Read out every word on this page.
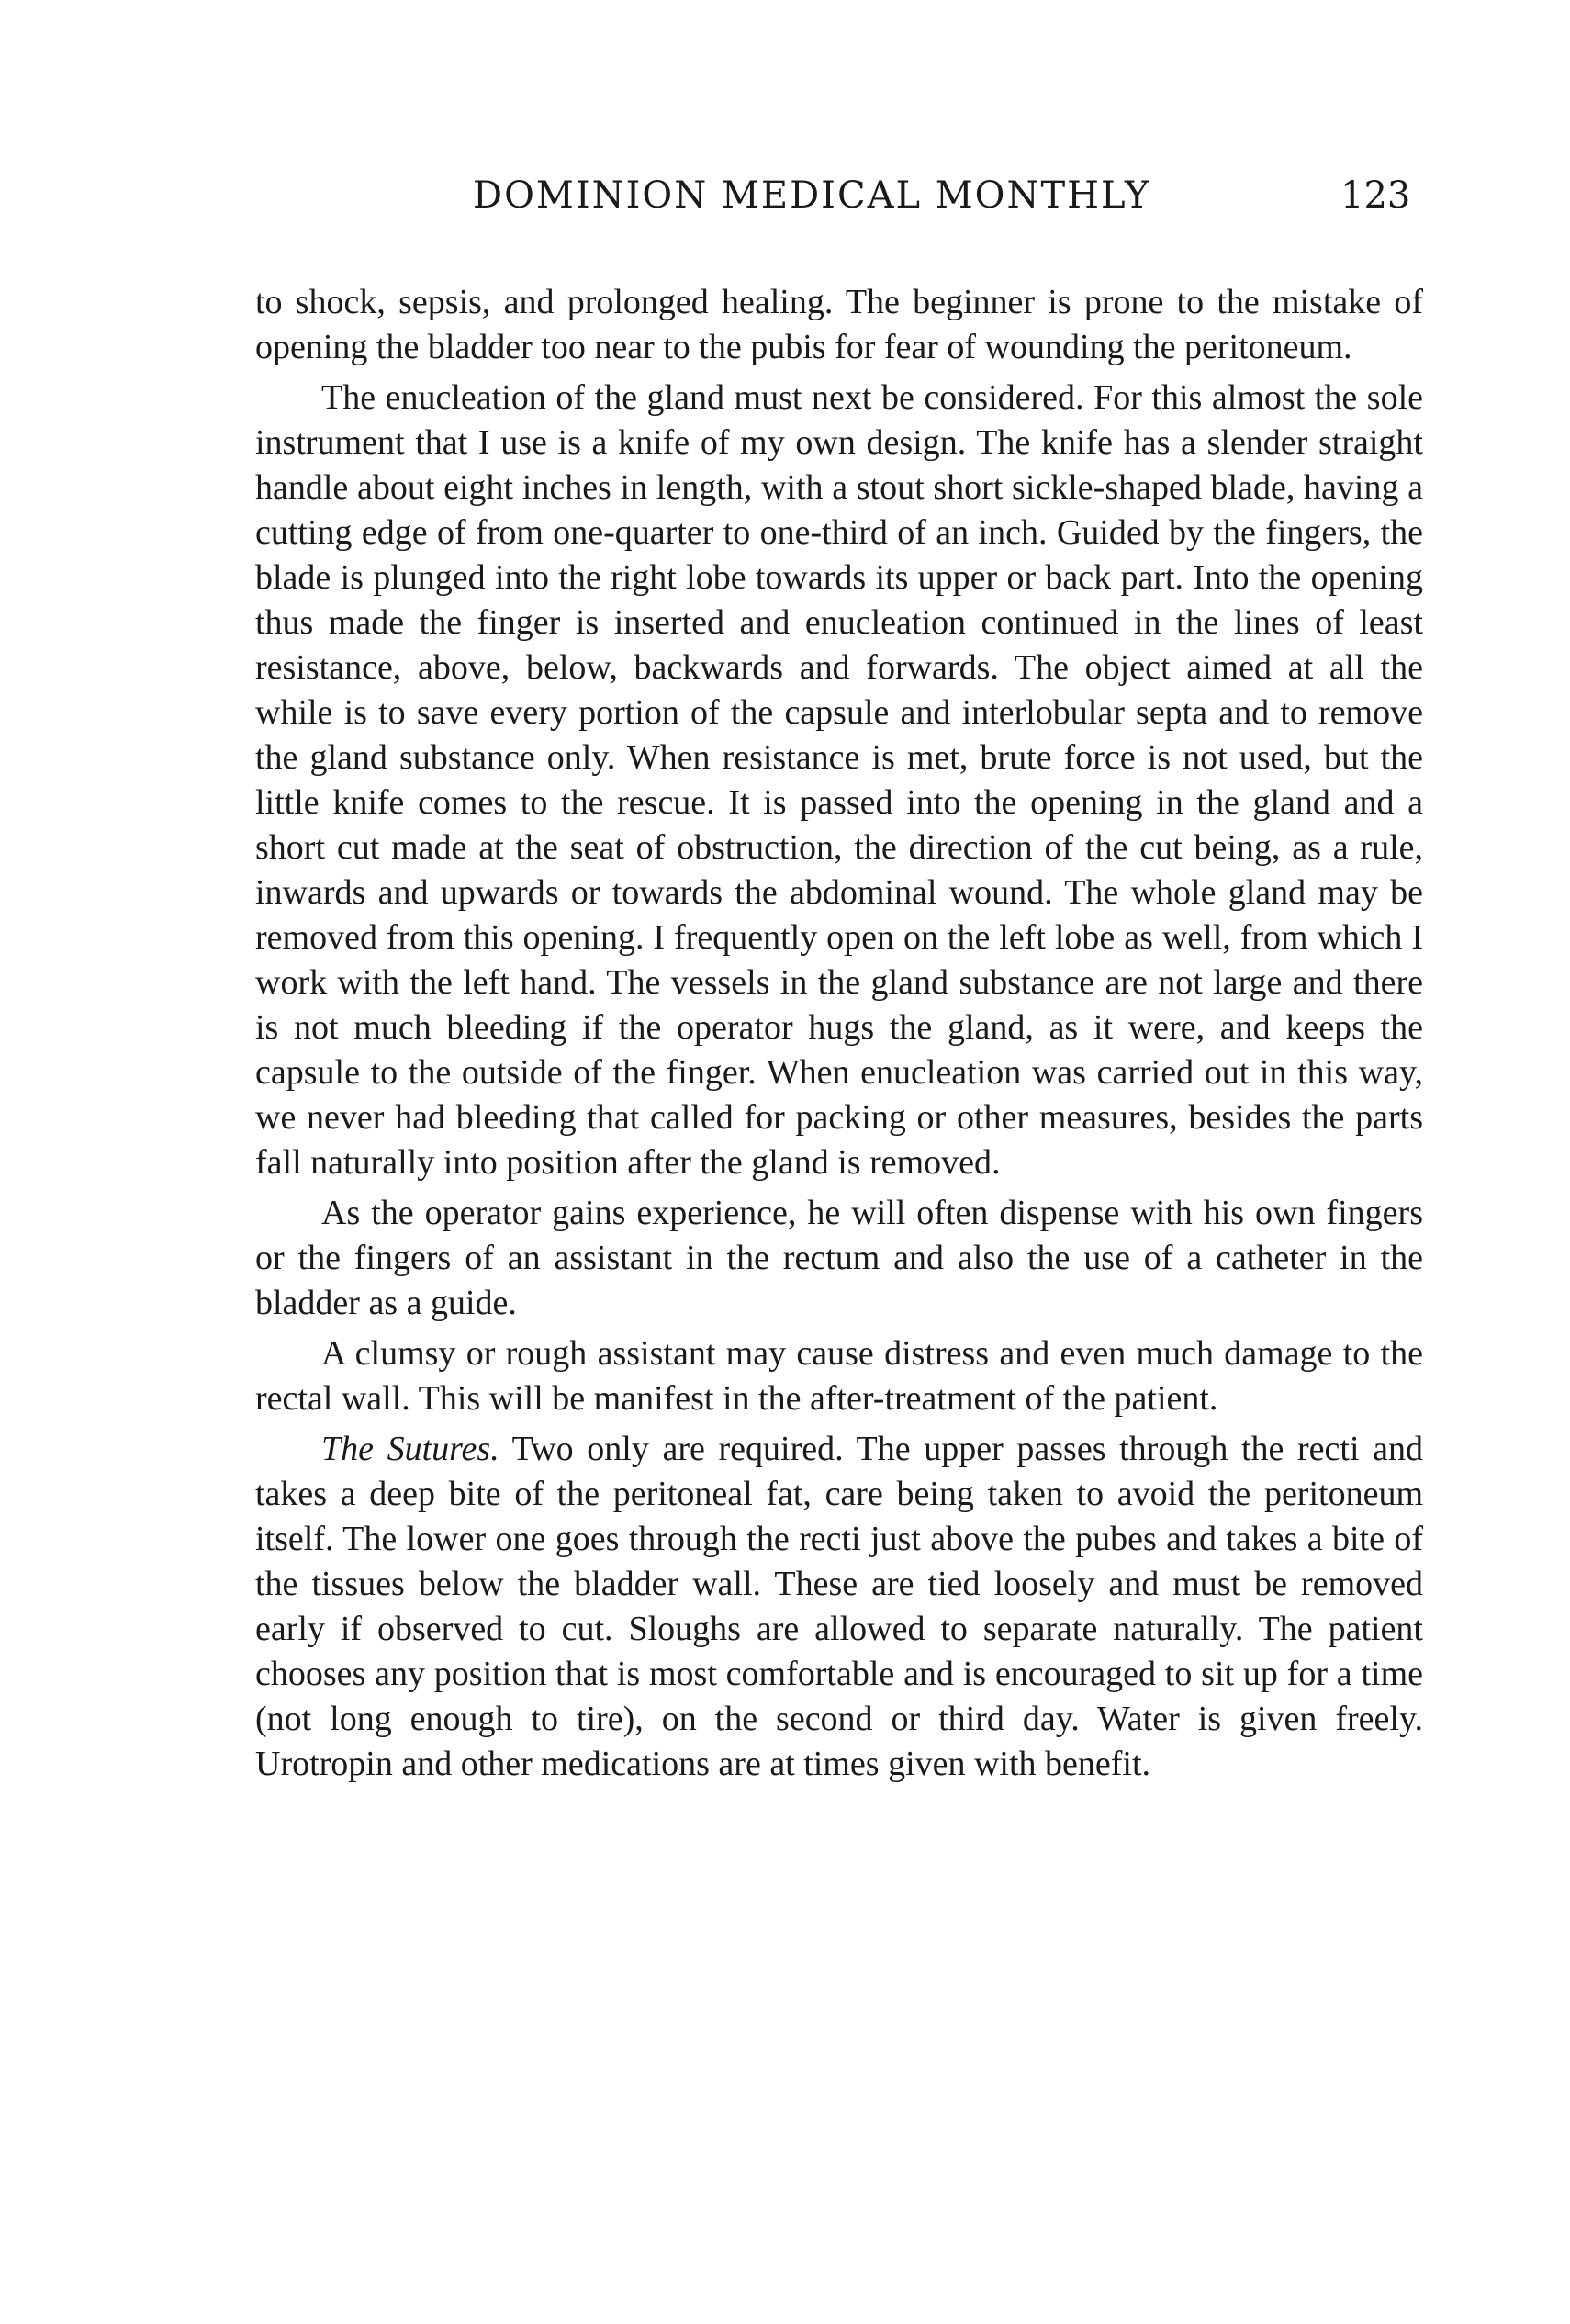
DOMINION MEDICAL MONTHLY	123

to shock, sepsis, and prolonged healing. The beginner is prone to the mistake of opening the bladder too near to the pubis for fear of wounding the peritoneum.

The enucleation of the gland must next be considered. For this almost the sole instrument that I use is a knife of my own design. The knife has a slender straight handle about eight inches in length, with a stout short sickle-shaped blade, having a cutting edge of from one-quarter to one-third of an inch. Guided by the fingers, the blade is plunged into the right lobe towards its upper or back part. Into the opening thus made the finger is inserted and enucleation continued in the lines of least resistance, above, below, backwards and forwards. The object aimed at all the while is to save every portion of the capsule and interlobular septa and to remove the gland substance only. When resistance is met, brute force is not used, but the little knife comes to the rescue. It is passed into the opening in the gland and a short cut made at the seat of obstruction, the direction of the cut being, as a rule, inwards and upwards or towards the abdominal wound. The whole gland may be removed from this opening. I frequently open on the left lobe as well, from which I work with the left hand. The vessels in the gland substance are not large and there is not much bleeding if the operator hugs the gland, as it were, and keeps the capsule to the outside of the finger. When enucleation was carried out in this way, we never had bleeding that called for packing or other measures, besides the parts fall naturally into position after the gland is removed.

As the operator gains experience, he will often dispense with his own fingers or the fingers of an assistant in the rectum and also the use of a catheter in the bladder as a guide.

A clumsy or rough assistant may cause distress and even much damage to the rectal wall. This will be manifest in the after-treatment of the patient.

The Sutures. Two only are required. The upper passes through the recti and takes a deep bite of the peritoneal fat, care being taken to avoid the peritoneum itself. The lower one goes through the recti just above the pubes and takes a bite of the tissues below the bladder wall. These are tied loosely and must be removed early if observed to cut. Sloughs are allowed to separate naturally. The patient chooses any position that is most comfortable and is encouraged to sit up for a time (not long enough to tire), on the second or third day. Water is given freely. Urotropin and other medications are at times given with benefit.
